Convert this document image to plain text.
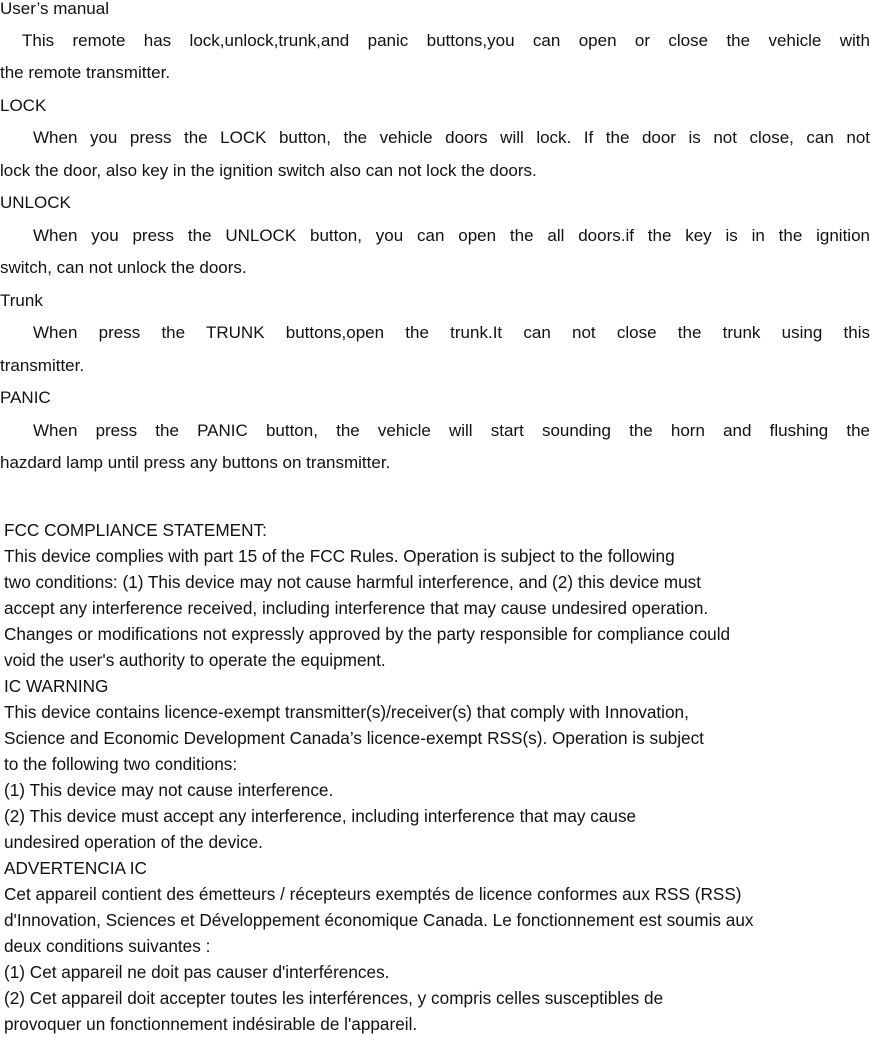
User’s manual
This remote has lock,unlock,trunk,and panic buttons,you can open or close the vehicle with
the remote transmitter.
LOCK
When you press the LOCK button, the vehicle doors will lock. If the door is not close, can not
lock the door, also key in the ignition switch also can not lock the doors.
UNLOCK
When you press the UNLOCK button, you can open the all doors.if the key is in the ignition
switch, can not unlock the doors.
Trunk
When press the TRUNK buttons,open the trunk.It can not close the trunk using this
transmitter.
PANIC
When press the PANIC button, the vehicle will start sounding the horn and flushing the
hazdard lamp until press any buttons on transmitter.
FCC COMPLIANCE STATEMENT:
This device complies with part 15 of the FCC Rules. Operation is subject to the following
two conditions: (1) This device may not cause harmful interference, and (2) this device must
accept any interference received, including interference that may cause undesired operation.
Changes or modifications not expressly approved by the party responsible for compliance could
void the user's authority to operate the equipment.
IC WARNING
This device contains licence-exempt transmitter(s)/receiver(s) that comply with Innovation,
Science and Economic Development Canada’s licence-exempt RSS(s). Operation is subject
to the following two conditions:
(1) This device may not cause interference.
(2) This device must accept any interference, including interference that may cause
undesired operation of the device.
ADVERTENCIA IC
Cet appareil contient des émetteurs / récepteurs exemptés de licence conformes aux RSS (RSS)
d'Innovation, Sciences et Développement économique Canada. Le fonctionnement est soumis aux
deux conditions suivantes :
(1) Cet appareil ne doit pas causer d'interférences.
(2) Cet appareil doit accepter toutes les interférences, y compris celles susceptibles de
provoquer un fonctionnement indésirable de l'appareil.
